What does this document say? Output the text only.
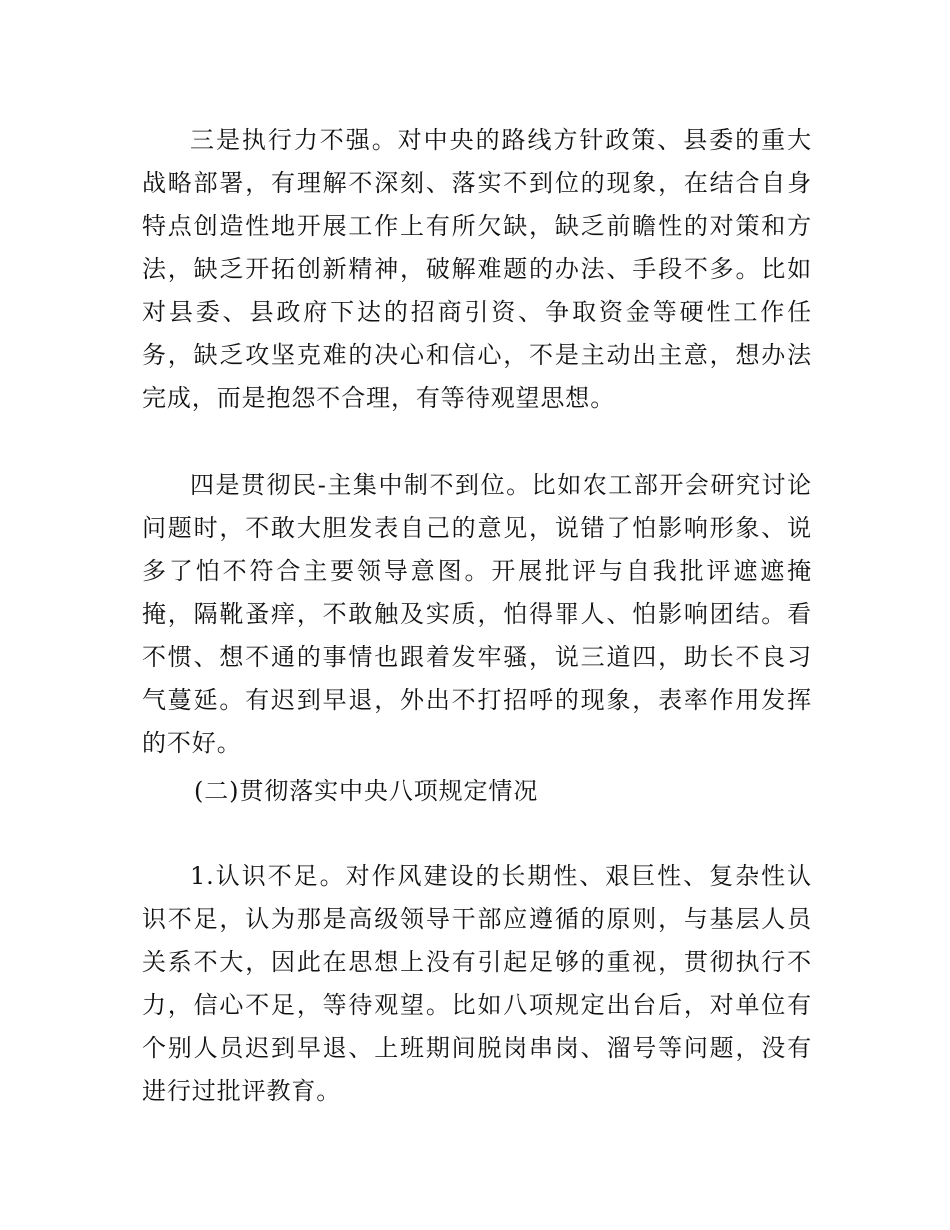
三是执行力不强。对中央的路线方针政策、县委的重大战略部署，有理解不深刻、落实不到位的现象，在结合自身特点创造性地开展工作上有所欠缺，缺乏前瞻性的对策和方法，缺乏开拓创新精神，破解难题的办法、手段不多。比如对县委、县政府下达的招商引资、争取资金等硬性工作任务，缺乏攻坚克难的决心和信心，不是主动出主意，想办法完成，而是抱怨不合理，有等待观望思想。

四是贯彻民-主集中制不到位。比如农工部开会研究讨论问题时，不敢大胆发表自己的意见，说错了怕影响形象、说多了怕不符合主要领导意图。开展批评与自我批评遮遮掩掩，隔靴蚤痒，不敢触及实质，怕得罪人、怕影响团结。看不惯、想不通的事情也跟着发牢骚，说三道四，助长不良习气蔓延。有迟到早退，外出不打招呼的现象，表率作用发挥的不好。

(二)贯彻落实中央八项规定情况

1.认识不足。对作风建设的长期性、艰巨性、复杂性认识不足，认为那是高级领导干部应遵循的原则，与基层人员关系不大，因此在思想上没有引起足够的重视，贯彻执行不力，信心不足，等待观望。比如八项规定出台后，对单位有个别人员迟到早退、上班期间脱岗串岗、溜号等问题，没有进行过批评教育。
